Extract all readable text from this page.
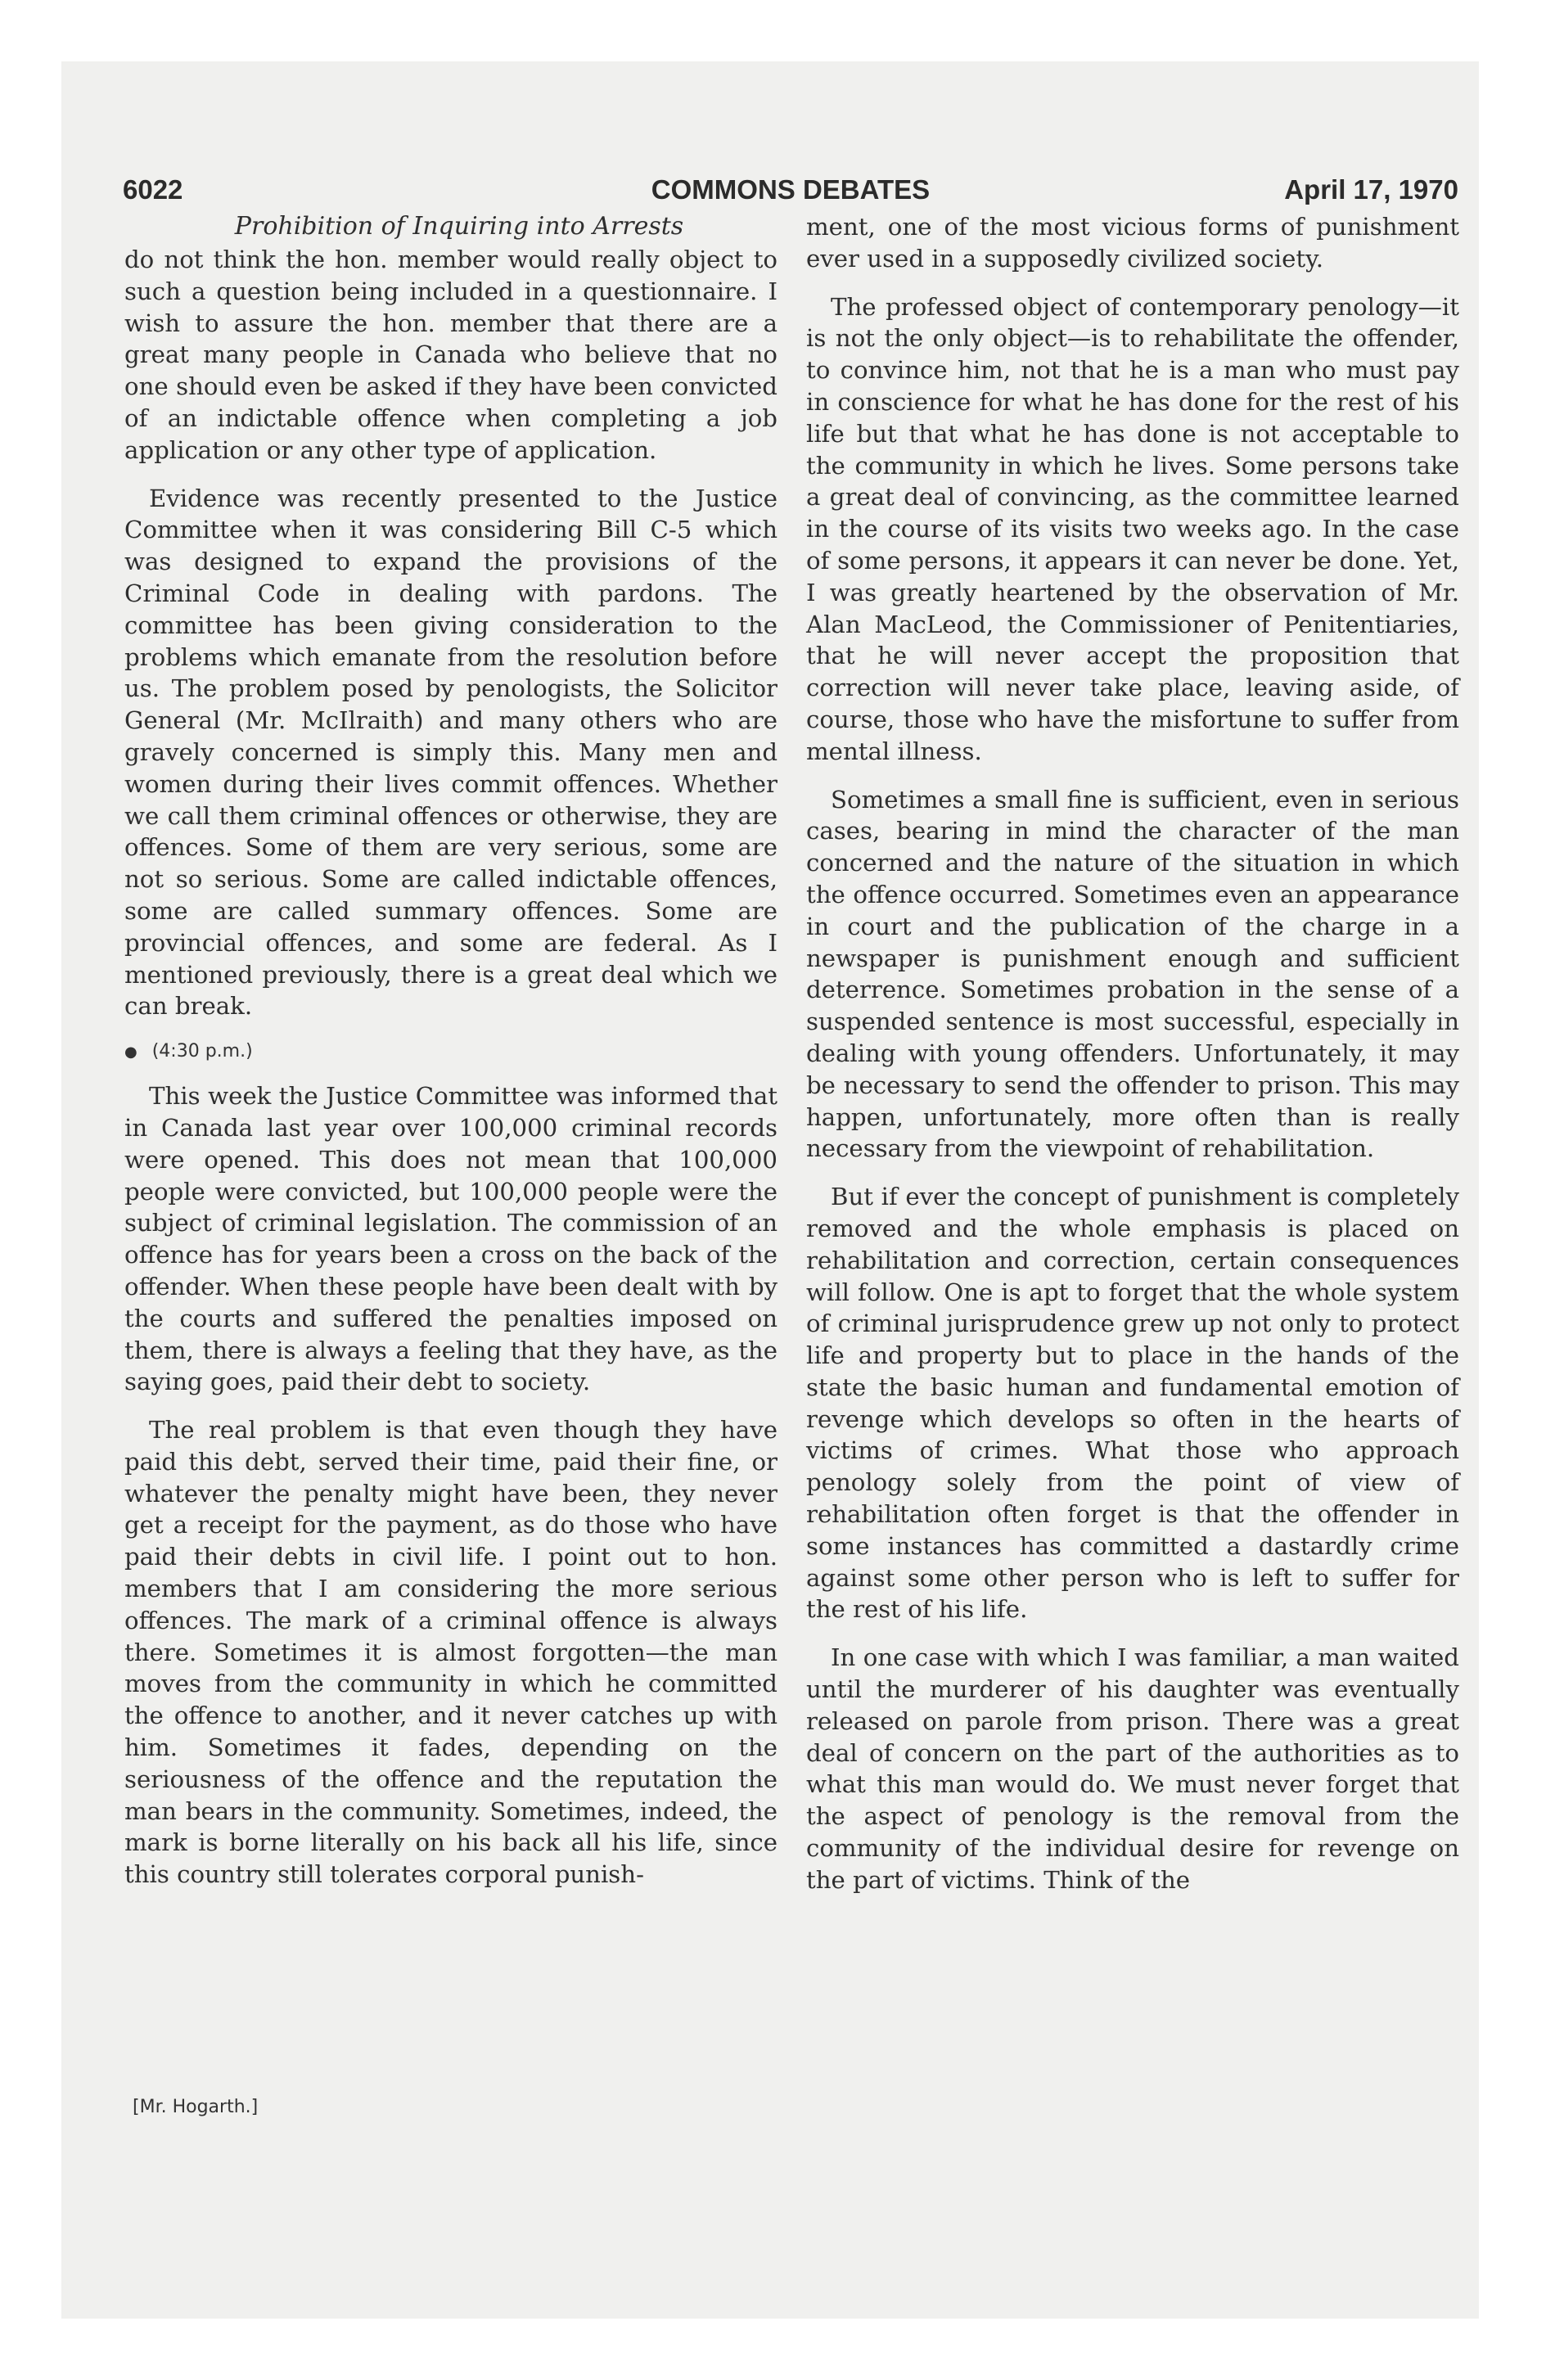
6022	COMMONS DEBATES	April 17, 1970
Prohibition of Inquiring into Arrests

do not think the hon. member would really object to such a question being included in a questionnaire. I wish to assure the hon. member that there are a great many people in Canada who believe that no one should even be asked if they have been convicted of an indictable offence when completing a job application or any other type of application.

Evidence was recently presented to the Justice Committee when it was considering Bill C-5 which was designed to expand the provisions of the Criminal Code in dealing with pardons. The committee has been giving consideration to the problems which emanate from the resolution before us. The problem posed by penologists, the Solicitor General (Mr. McIlraith) and many others who are gravely concerned is simply this. Many men and women during their lives commit offences. Whether we call them criminal offences or otherwise, they are offences. Some of them are very serious, some are not so serious. Some are called indictable offences, some are called summary offences. Some are provincial offences, and some are federal. As I mentioned previously, there is a great deal which we can break.

● (4:30 p.m.)

This week the Justice Committee was informed that in Canada last year over 100,000 criminal records were opened. This does not mean that 100,000 people were convicted, but 100,000 people were the subject of criminal legislation. The commission of an offence has for years been a cross on the back of the offender. When these people have been dealt with by the courts and suffered the penalties imposed on them, there is always a feeling that they have, as the saying goes, paid their debt to society.

The real problem is that even though they have paid this debt, served their time, paid their fine, or whatever the penalty might have been, they never get a receipt for the payment, as do those who have paid their debts in civil life. I point out to hon. members that I am considering the more serious offences. The mark of a criminal offence is always there. Sometimes it is almost forgotten—the man moves from the community in which he committed the offence to another, and it never catches up with him. Sometimes it fades, depending on the seriousness of the offence and the reputation the man bears in the community. Sometimes, indeed, the mark is borne literally on his back all his life, since this country still tolerates corporal punish-

ment, one of the most vicious forms of punishment ever used in a supposedly civilized society.

The professed object of contemporary penology—it is not the only object—is to rehabilitate the offender, to convince him, not that he is a man who must pay in conscience for what he has done for the rest of his life but that what he has done is not acceptable to the community in which he lives. Some persons take a great deal of convincing, as the committee learned in the course of its visits two weeks ago. In the case of some persons, it appears it can never be done. Yet, I was greatly heartened by the observation of Mr. Alan MacLeod, the Commissioner of Penitentiaries, that he will never accept the proposition that correction will never take place, leaving aside, of course, those who have the misfortune to suffer from mental illness.

Sometimes a small fine is sufficient, even in serious cases, bearing in mind the character of the man concerned and the nature of the situation in which the offence occurred. Sometimes even an appearance in court and the publication of the charge in a newspaper is punishment enough and sufficient deterrence. Sometimes probation in the sense of a suspended sentence is most successful, especially in dealing with young offenders. Unfortunately, it may be necessary to send the offender to prison. This may happen, unfortunately, more often than is really necessary from the viewpoint of rehabilitation.

But if ever the concept of punishment is completely removed and the whole emphasis is placed on rehabilitation and correction, certain consequences will follow. One is apt to forget that the whole system of criminal jurisprudence grew up not only to protect life and property but to place in the hands of the state the basic human and fundamental emotion of revenge which develops so often in the hearts of victims of crimes. What those who approach penology solely from the point of view of rehabilitation often forget is that the offender in some instances has committed a dastardly crime against some other person who is left to suffer for the rest of his life.

In one case with which I was familiar, a man waited until the murderer of his daughter was eventually released on parole from prison. There was a great deal of concern on the part of the authorities as to what this man would do. We must never forget that the aspect of penology is the removal from the community of the individual desire for revenge on the part of victims. Think of the

[Mr. Hogarth.]
